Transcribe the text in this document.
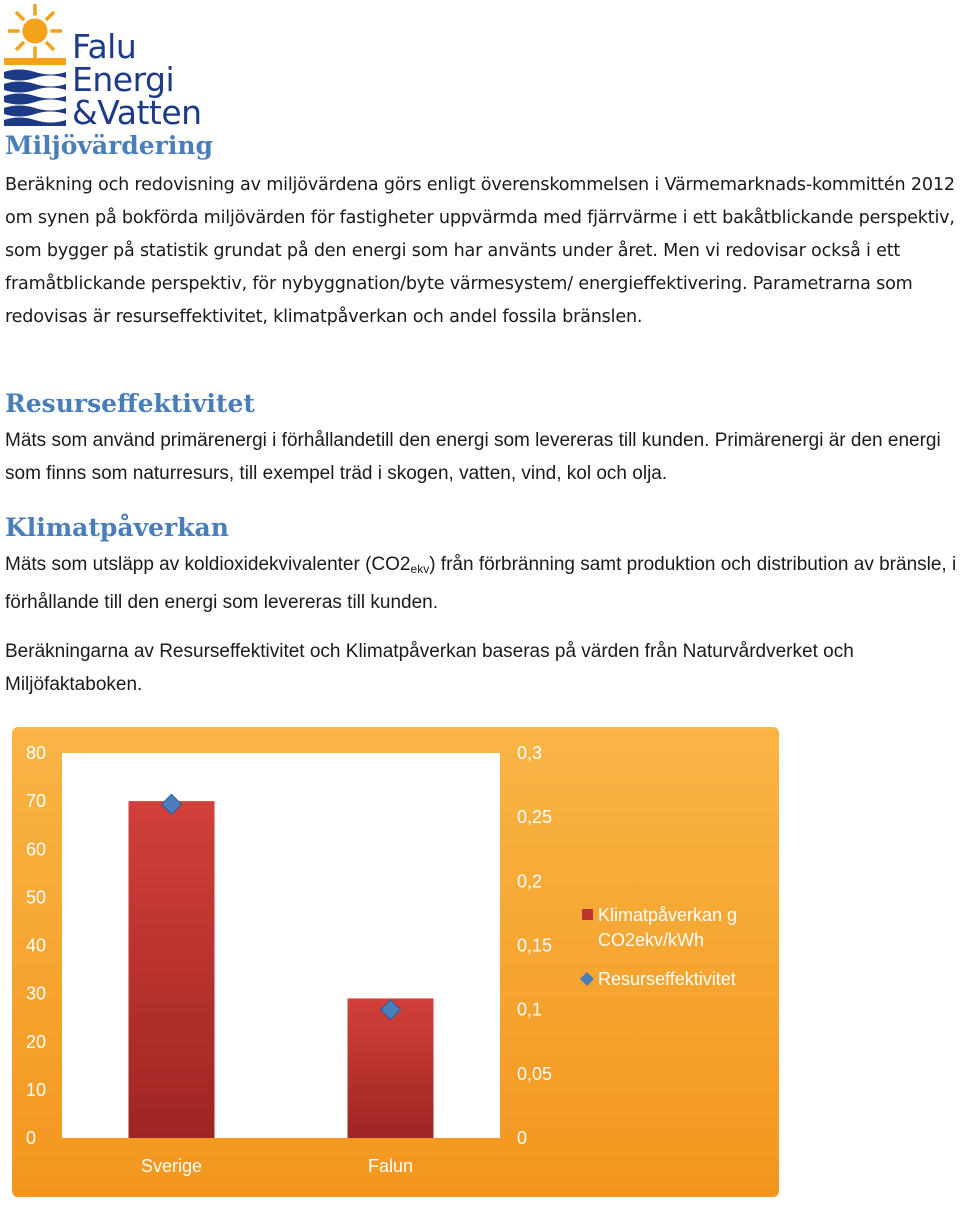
Falu
Energi
&Vatten
Miljövärdering

Beräkning och redovisning av miljövärdena görs enligt överenskommelsen i Värmemarknads-kommittén 2012 om synen på bokförda miljövärden för fastigheter uppvärmda med fjärrvärme i ett bakåtblickande perspektiv, som bygger på statistik grundat på den energi som har använts under året. Men vi redovisar också i ett framåtblickande perspektiv, för nybyggnation/byte värmesystem/ energieffektivering. Parametrarna som redovisas är resurseffektivitet, klimatpåverkan och andel fossila bränslen.

Resurseffektivitet

Mäts som använd primärenergi i förhållandetill den energi som levereras till kunden. Primärenergi är den energi som finns som naturresurs, till exempel träd i skogen, vatten, vind, kol och olja.

Klimatpåverkan

Mäts som utsläpp av koldioxidekvivalenter $(CO2_{ekv})$ från förbränning samt produktion och distribution av bränsle, i förhållande till den energi som levereras till kunden.

Beräkningarna av Resurseffektivitet och Klimatpåverkan baseras på värden från Naturvårdverket och Miljöfaktaboken.

0
10
20
30
40
50
60
70
80
0
0,05
0,1
0,15
0,2
0,25
0,3
Sverige	Falun
Klimatpåverkan g
CO2ekv/kWh
Resurseffektivitet
